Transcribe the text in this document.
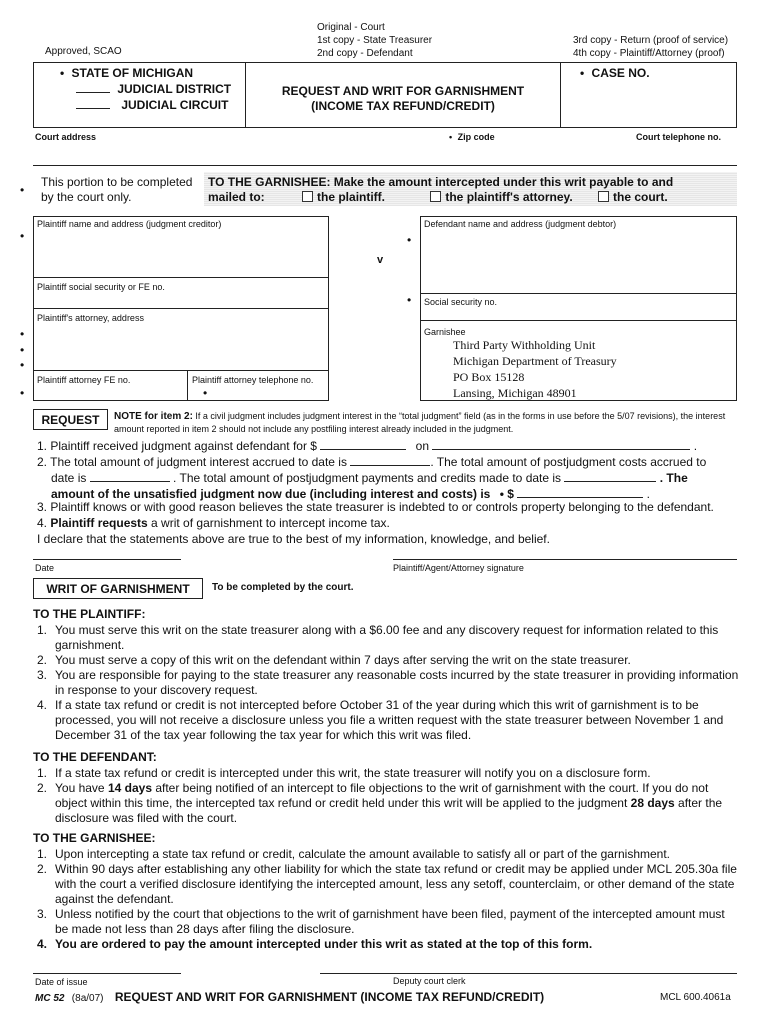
Approved, SCAO
Original - Court
1st copy - State Treasurer
2nd copy - Defendant
3rd copy - Return (proof of service)
4th copy - Plaintiff/Attorney (proof)
• STATE OF MICHIGAN
JUDICIAL DISTRICT
JUDICIAL CIRCUIT
REQUEST AND WRIT FOR GARNISHMENT
(INCOME TAX REFUND/CREDIT)
• CASE NO.
Court address	• Zip code	Court telephone no.
•
This portion to be completed by the court only.
TO THE GARNISHEE: Make the amount intercepted under this writ payable to and
mailed to:	the plaintiff.	the plaintiff's attorney.	the court.
Plaintiff name and address (judgment creditor)
•
Defendant name and address (judgment debtor)
•
v
Plaintiff social security or FE no.
Social security no.
•
Plaintiff's attorney, address
•
•
•
Garnishee
Third Party Withholding Unit
Michigan Department of Treasury
PO Box 15128
Lansing, Michigan 48901
Plaintiff attorney FE no.
•
Plaintiff attorney telephone no.
•
REQUEST	NOTE for item 2: If a civil judgment includes judgment interest in the “total judgment” field (as in the forms in use before the 5/07 revisions), the interest amount reported in item 2 should not include any postfiling interest already included in the judgment.
1. Plaintiff received judgment against defendant for $	on	.
2. The total amount of judgment interest accrued to date is	. The total amount of postjudgment costs accrued to
date is	. The total amount of postjudgment payments and credits made to date is	. The
amount of the unsatisfied judgment now due (including interest and costs) is • $	.
3. Plaintiff knows or with good reason believes the state treasurer is indebted to or controls property belonging to the defendant.
4. Plaintiff requests a writ of garnishment to intercept income tax.
I declare that the statements above are true to the best of my information, knowledge, and belief.
Date	Plaintiff/Agent/Attorney signature
WRIT OF GARNISHMENT	To be completed by the court.
TO THE PLAINTIFF:
1. You must serve this writ on the state treasurer along with a $6.00 fee and any discovery request for information related to this garnishment.
2. You must serve a copy of this writ on the defendant within 7 days after serving the writ on the state treasurer.
3. You are responsible for paying to the state treasurer any reasonable costs incurred by the state treasurer in providing information in response to your discovery request.
4. If a state tax refund or credit is not intercepted before October 31 of the year during which this writ of garnishment is to be processed, you will not receive a disclosure unless you file a written request with the state treasurer between November 1 and December 31 of the tax year following the tax year for which this writ was filed.
TO THE DEFENDANT:
1. If a state tax refund or credit is intercepted under this writ, the state treasurer will notify you on a disclosure form.
2. You have 14 days after being notified of an intercept to file objections to the writ of garnishment with the court. If you do not object within this time, the intercepted tax refund or credit held under this writ will be applied to the judgment 28 days after the disclosure was filed with the court.
TO THE GARNISHEE:
1. Upon intercepting a state tax refund or credit, calculate the amount available to satisfy all or part of the garnishment.
2. Within 90 days after establishing any other liability for which the state tax refund or credit may be applied under MCL 205.30a file with the court a verified disclosure identifying the intercepted amount, less any setoff, counterclaim, or other demand of the state against the defendant.
3. Unless notified by the court that objections to the writ of garnishment have been filed, payment of the intercepted amount must be made not less than 28 days after filing the disclosure.
4. You are ordered to pay the amount intercepted under this writ as stated at the top of this form.
Date of issue	Deputy court clerk
MC 52 (8a/07) REQUEST AND WRIT FOR GARNISHMENT (INCOME TAX REFUND/CREDIT)	MCL 600.4061a
